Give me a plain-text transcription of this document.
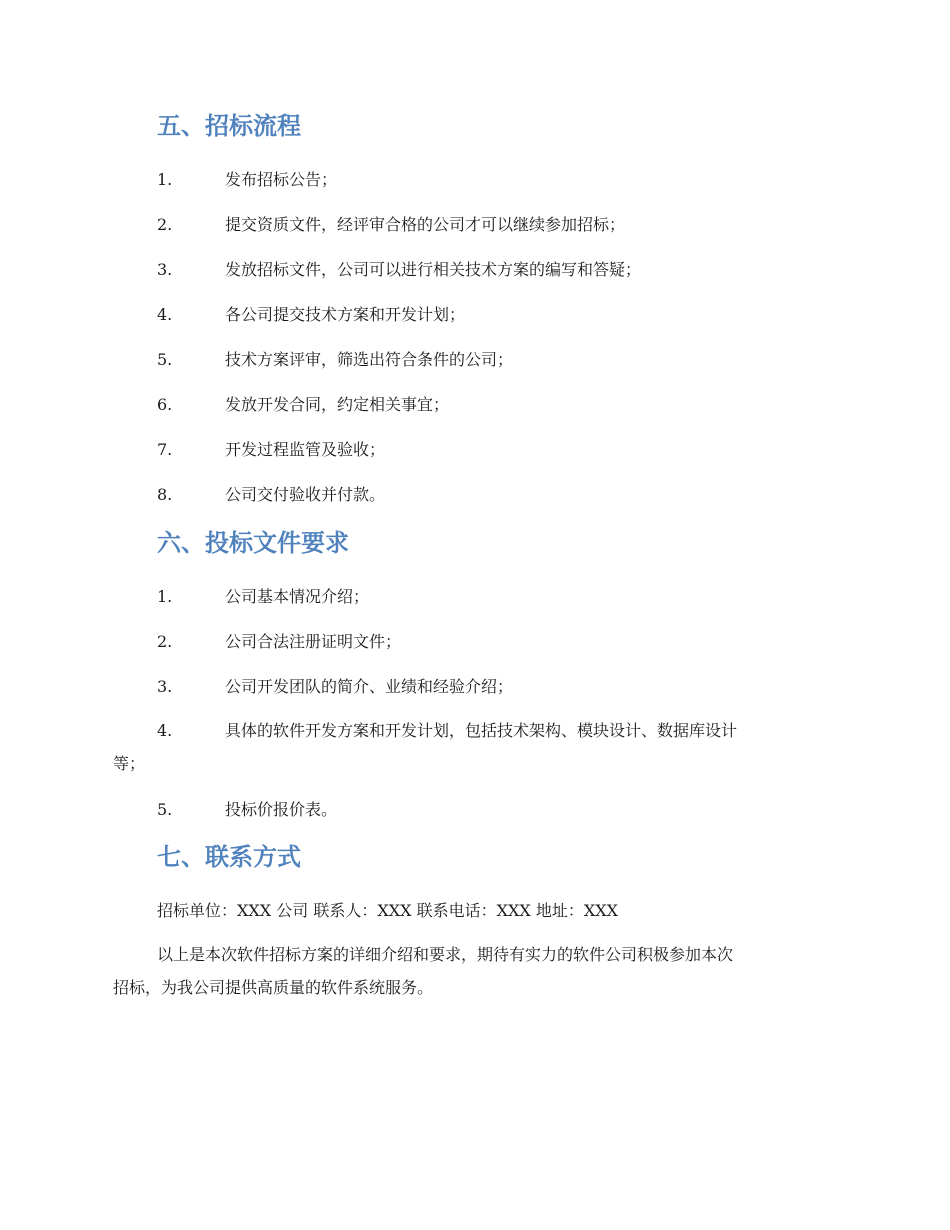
五、招标流程
1.	发布招标公告；
2.	提交资质文件，经评审合格的公司才可以继续参加招标；
3.	发放招标文件，公司可以进行相关技术方案的编写和答疑；
4.	各公司提交技术方案和开发计划；
5.	技术方案评审，筛选出符合条件的公司；
6.	发放开发合同，约定相关事宜；
7.	开发过程监管及验收；
8.	公司交付验收并付款。
六、投标文件要求
1.	公司基本情况介绍；
2.	公司合法注册证明文件；
3.	公司开发团队的简介、业绩和经验介绍；
4.	具体的软件开发方案和开发计划，包括技术架构、模块设计、数据库设计
等；
5.	投标价报价表。
七、联系方式
招标单位：XXX 公司 联系人：XXX 联系电话：XXX 地址：XXX
以上是本次软件招标方案的详细介绍和要求，期待有实力的软件公司积极参加本次
招标，为我公司提供高质量的软件系统服务。
